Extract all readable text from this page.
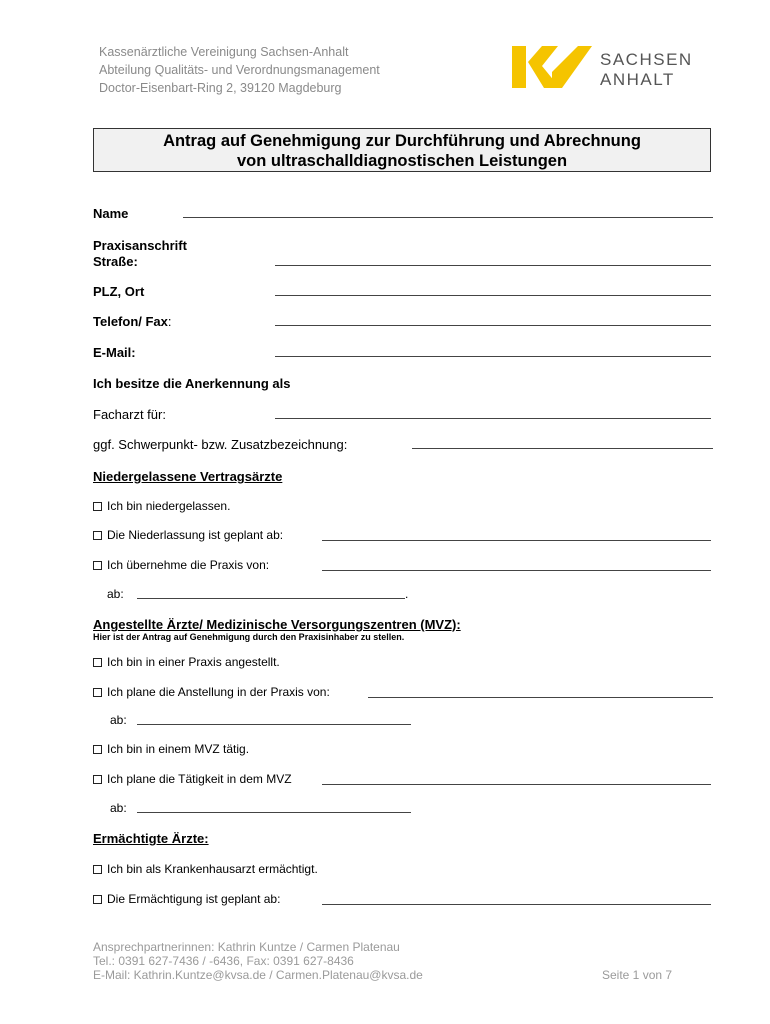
Kassenärztliche Vereinigung Sachsen-Anhalt
Abteilung Qualitäts- und Verordnungsmanagement
Doctor-Eisenbart-Ring 2, 39120 Magdeburg
SACHSEN
ANHALT
Antrag auf Genehmigung zur Durchführung und Abrechnung
von ultraschalldiagnostischen Leistungen
Name
Praxisanschrift
Straße:
PLZ, Ort
Telefon/ Fax:
E-Mail:
Ich besitze die Anerkennung als
Facharzt für:
ggf. Schwerpunkt- bzw. Zusatzbezeichnung:
Niedergelassene Vertragsärzte
Ich bin niedergelassen.
Die Niederlassung ist geplant ab:
Ich übernehme die Praxis von:
ab:	.
Angestellte Ärzte/ Medizinische Versorgungszentren (MVZ):
Hier ist der Antrag auf Genehmigung durch den Praxisinhaber zu stellen.
Ich bin in einer Praxis angestellt.
Ich plane die Anstellung in der Praxis von:
ab:
Ich bin in einem MVZ tätig.
Ich plane die Tätigkeit in dem MVZ
ab:
Ermächtigte Ärzte:
Ich bin als Krankenhausarzt ermächtigt.
Die Ermächtigung ist geplant ab:
Ansprechpartnerinnen: Kathrin Kuntze / Carmen Platenau
Tel.: 0391 627-7436 / -6436, Fax: 0391 627-8436
E-Mail: Kathrin.Kuntze@kvsa.de / Carmen.Platenau@kvsa.de	Seite 1 von 7
